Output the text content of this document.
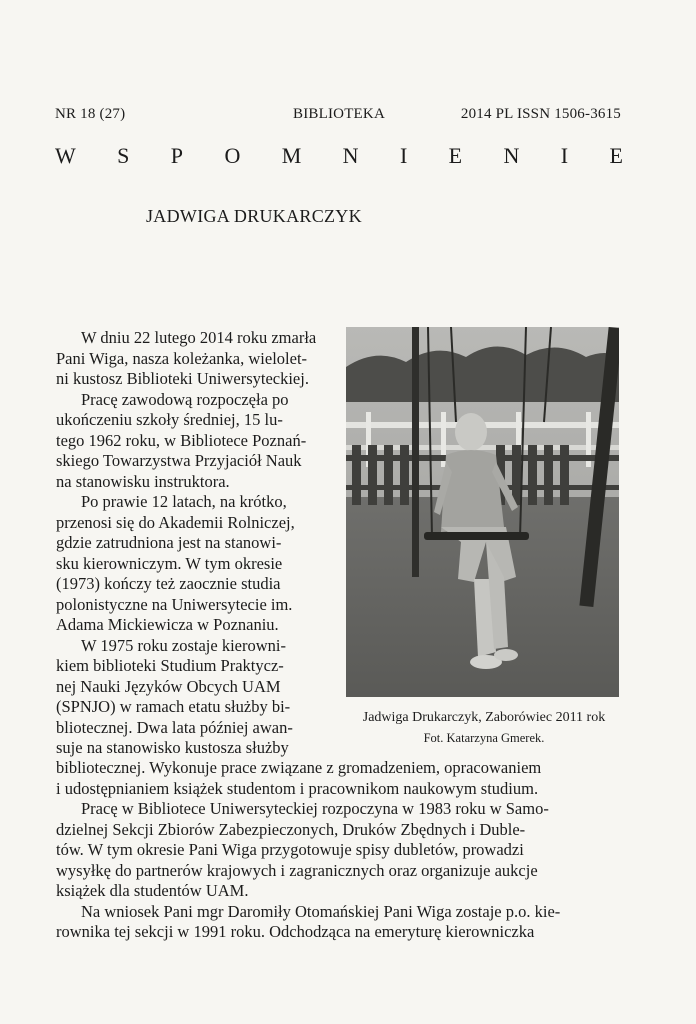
NR 18 (27)	BIBLIOTEKA	2014 PL ISSN 1506-3615
W S P O M N I E N I E
JADWIGA DRUKARCZYK
Jadwiga Drukarczyk, Zaborówiec 2011 rok
Fot. Katarzyna Gmerek.

W dniu 22 lutego 2014 roku zmarła

Pani Wiga, nasza koleżanka, wielolet-

ni kustosz Biblioteki Uniwersyteckiej.

Pracę zawodową rozpoczęła po

ukończeniu szkoły średniej, 15 lu-

tego 1962 roku, w Bibliotece Poznań-

skiego Towarzystwa Przyjaciół Nauk

na stanowisku instruktora.

Po prawie 12 latach, na krótko,

przenosi się do Akademii Rolniczej,

gdzie zatrudniona jest na stanowi-

sku kierowniczym. W tym okresie

(1973) kończy też zaocznie studia

polonistyczne na Uniwersytecie im.

Adama Mickiewicza w Poznaniu.

W 1975 roku zostaje kierowni-

kiem biblioteki Studium Praktycz-

nej Nauki Języków Obcych UAM

(SPNJO) w ramach etatu służby bi-

bliotecznej. Dwa lata później awan-

suje na stanowisko kustosza służby

bibliotecznej. Wykonuje prace związane z gromadzeniem, opracowaniem

i udostępnianiem książek studentom i pracownikom naukowym studium.

Pracę w Bibliotece Uniwersyteckiej rozpoczyna w 1983 roku w Samo-

dzielnej Sekcji Zbiorów Zabezpieczonych, Druków Zbędnych i Duble-

tów. W tym okresie Pani Wiga przygotowuje spisy dubletów, prowadzi

wysyłkę do partnerów krajowych i zagranicznych oraz organizuje aukcje

książek dla studentów UAM.

Na wniosek Pani mgr Daromiły Otomańskiej Pani Wiga zostaje p.o. kie-

rownika tej sekcji w 1991 roku. Odchodząca na emeryturę kierowniczka
